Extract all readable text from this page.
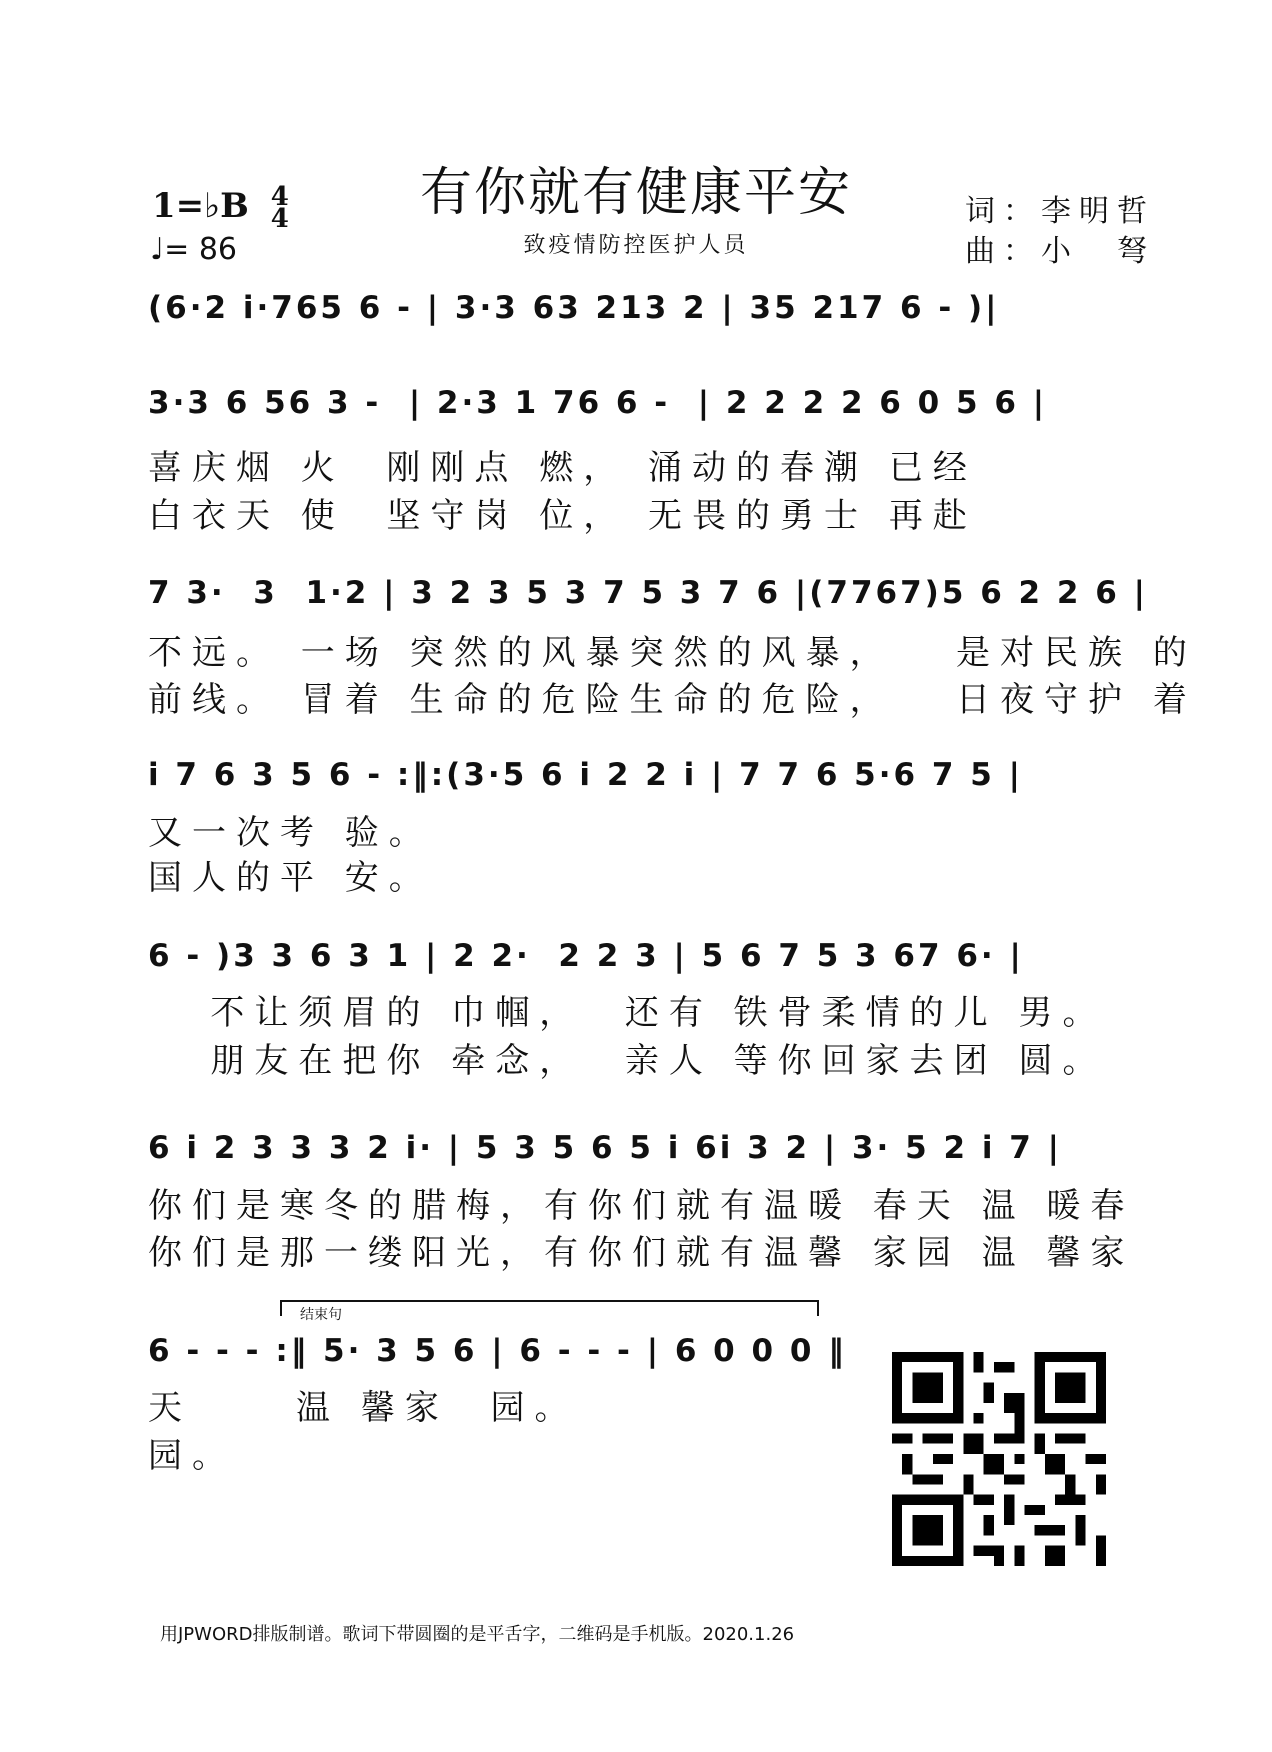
有你就有健康平安
致疫情防控医护人员
1=♭B 4
4
♩= 86
词：李明哲
曲：小　弩
(6·2 i·765 6 - | 3·3 63 213 2 | 35 217 6 - )|
3·3 6 56 3 -  | 2·3 1 76 6 -  | 2 2 2 2 6 0 5 6 |
喜庆烟 火  刚刚点 燃， 涌动的春潮 已经
白衣天 使  坚守岗 位， 无畏的勇士 再赴
7 3·  3  1·2 | 3 2 3 5 3 7 5 3 7 6 |(7767)5 6 2 2 6 |
不远。 一场 突然的风暴突然的风暴，   是对民族 的
前线。 冒着 生命的危险生命的危险，   日夜守护 着
i 7 6 3 5 6 - :‖:(3·5 6 i 2 2 i | 7 7 6 5·6 7 5 |
又一次考 验。
国人的平 安。
6 - )3 3 6 3 1 | 2 2·  2 2 3 | 5 6 7 5 3 67 6· |
不让须眉的 巾帼，  还有 铁骨柔情的儿 男。
朋友在把你 牵念，  亲人 等你回家去团 圆。
6 i 2 3 3 3 2 i· | 5 3 5 6 5 i 6i 3 2 | 3· 5 2 i 7 |
你们是寒冬的腊梅，有你们就有温暖 春天 温 暖春
你们是那一缕阳光，有你们就有温馨 家园 温 馨家
结束句
6 - - - :‖ 5· 3 5 6 | 6 - - - | 6 0 0 0 ‖
天     温 馨家  园。
园。
用JPWORD排版制谱。歌词下带圆圈的是平舌字，二维码是手机版。2020.1.26
